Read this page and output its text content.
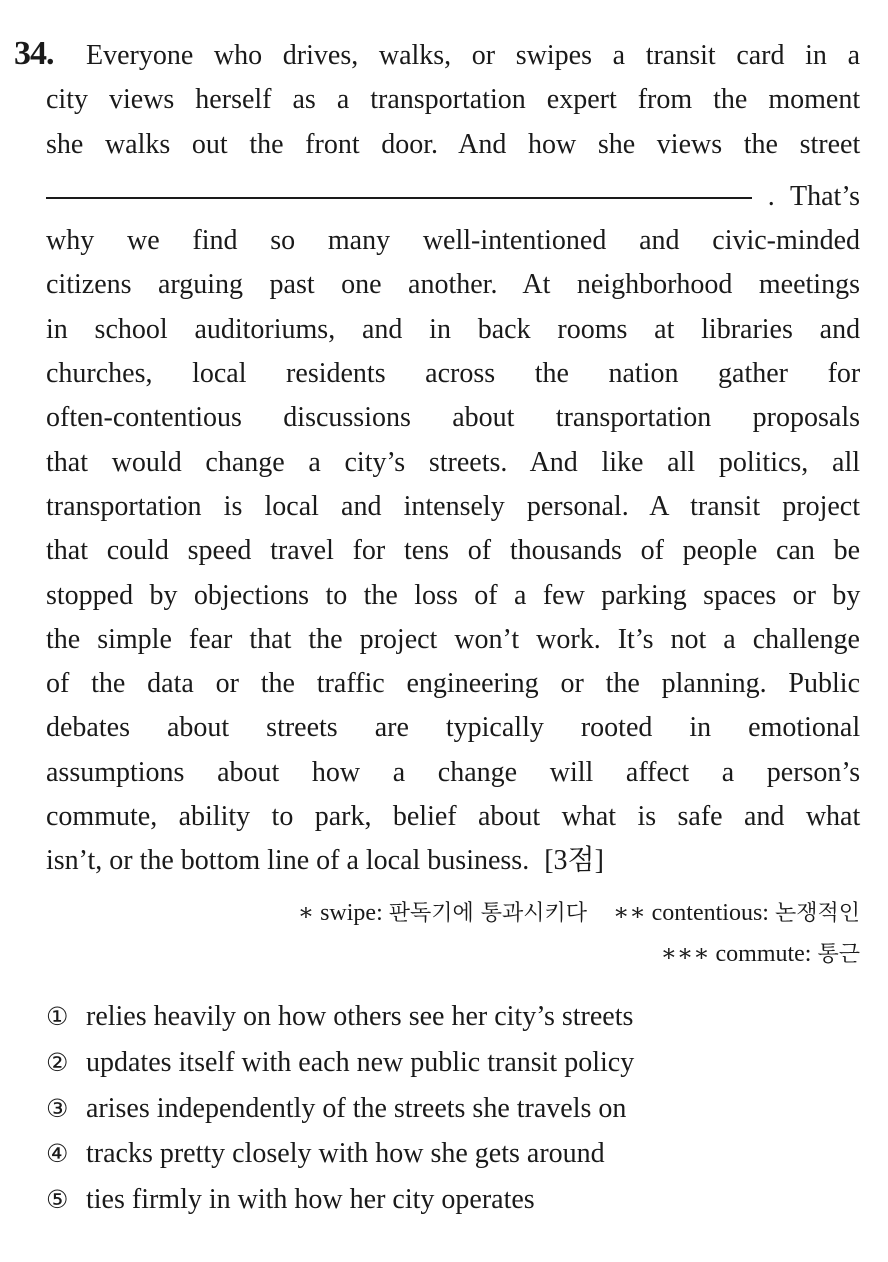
34.	Everyone who drives, walks, or swipes a transit card in a
city views herself as a transportation expert from the moment
she walks out the front door. And how she views the street
. That’s
why we find so many well-intentioned and civic-minded
citizens arguing past one another. At neighborhood meetings
in school auditoriums, and in back rooms at libraries and
churches, local residents across the nation gather for
often-contentious discussions about transportation proposals
that would change a city’s streets. And like all politics, all
transportation is local and intensely personal. A transit project
that could speed travel for tens of thousands of people can be
stopped by objections to the loss of a few parking spaces or by
the simple fear that the project won’t work. It’s not a challenge
of the data or the traffic engineering or the planning. Public
debates about streets are typically rooted in emotional
assumptions about how a change will affect a person’s
commute, ability to park, belief about what is safe and what
isn’t, or the bottom line of a local business. [3점]
∗ swipe: 판독기에 통과시키다 ∗∗ contentious: 논쟁적인
∗∗∗ commute: 통근
① relies heavily on how others see her city’s streets
② updates itself with each new public transit policy
③ arises independently of the streets she travels on
④ tracks pretty closely with how she gets around
⑤ ties firmly in with how her city operates
